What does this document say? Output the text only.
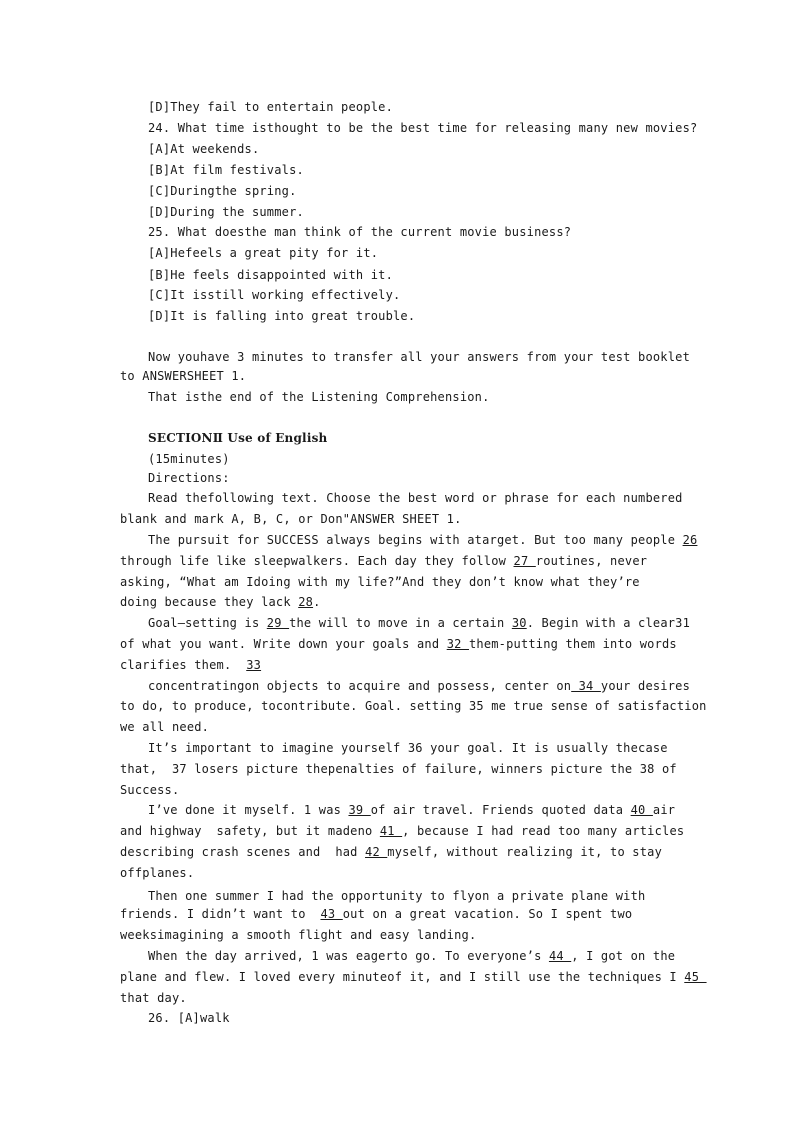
[D]They fail to entertain people.

24. What time isthought to be the best time for releasing many new movies?

[A]At weekends.

[B]At film festivals.

[C]Duringthe spring.

[D]During the summer.

25. What doesthe man think of the current movie business?

[A]Hefeels a great pity for it.

[B]He feels disappointed with it.

[C]It isstill working effectively.

[D]It is falling into great trouble.

Now youhave 3 minutes to transfer all your answers from your test booklet

to ANSWERSHEET 1.

That isthe end of the Listening Comprehension.

SECTIONⅡ Use of English

(15minutes)

Directions:

Read thefollowing text. Choose the best word or phrase for each numbered

blank and mark A, B, C, or Don"ANSWER SHEET 1.

The pursuit for SUCCESS always begins with atarget. But too many people 26

through life like sleepwalkers. Each day they follow 27 routines, never

asking, “What am Idoing with my life?”And they don’t know what they’re

doing because they lack 28.

Goal—setting is 29 the will to move in a certain 30. Begin with a clear31

of what you want. Write down your goals and 32 them-putting them into words

clarifies them.  33

concentratingon objects to acquire and possess, center on 34 your desires

to do, to produce, tocontribute. Goal. setting 35 me true sense of satisfaction

we all need.

It’s important to imagine yourself 36 your goal. It is usually thecase

that,  37 losers picture thepenalties of failure, winners picture the 38 of

Success.

I’ve done it myself. 1 was 39 of air travel. Friends quoted data 40 air

and highway  safety, but it madeno 41 , because I had read too many articles

describing crash scenes and  had 42 myself, without realizing it, to stay

offplanes.

Then one summer I had the opportunity to flyon a private plane with

friends. I didn’t want to  43 out on a great vacation. So I spent two

weeksimagining a smooth flight and easy landing.

When the day arrived, 1 was eagerto go. To everyone’s 44 , I got on the

plane and flew. I loved every minuteof it, and I still use the techniques I 45

that day.

26. [A]walk
